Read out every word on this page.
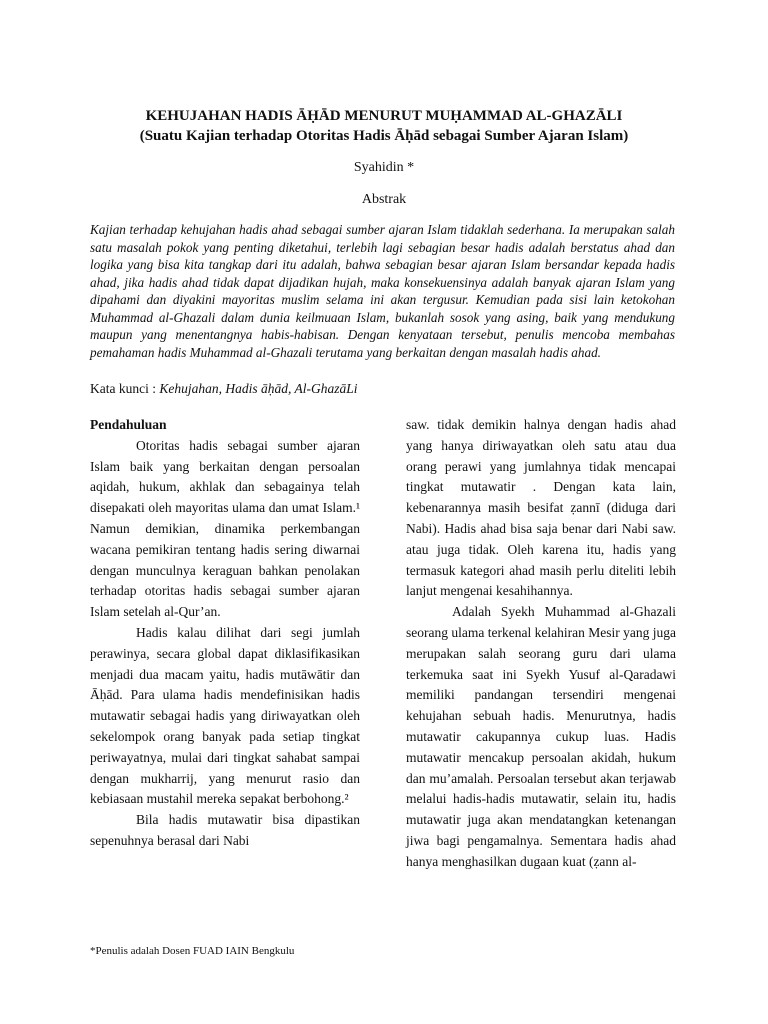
KEHUJAHAN HADIS ĀḤĀD MENURUT MUḤAMMAD AL-GHAZĀLI
(Suatu Kajian terhadap Otoritas Hadis Āḥād sebagai Sumber Ajaran Islam)
Syahidin *
Abstrak

Kajian terhadap kehujahan hadis ahad sebagai sumber ajaran Islam tidaklah sederhana. Ia merupakan salah satu masalah pokok yang penting diketahui, terlebih lagi sebagian besar hadis adalah berstatus ahad dan logika yang bisa kita tangkap dari itu adalah, bahwa sebagian besar ajaran Islam bersandar kepada hadis ahad, jika hadis ahad tidak dapat dijadikan hujah, maka konsekuensinya adalah banyak ajaran Islam yang dipahami dan diyakini mayoritas muslim selama ini akan tergusur. Kemudian pada sisi lain ketokohan Muhammad al-Ghazali dalam dunia keilmuaan Islam, bukanlah sosok yang asing, baik yang mendukung maupun yang menentangnya habis-habisan. Dengan kenyataan tersebut, penulis mencoba membahas pemahaman hadis Muhammad al-Ghazali terutama yang berkaitan dengan masalah hadis ahad.

Kata kunci : Kehujahan, Hadis āḥād, Al-GhazāLi
Pendahuluan

Otoritas hadis sebagai sumber ajaran Islam baik yang berkaitan dengan persoalan aqidah, hukum, akhlak dan sebagainya telah disepakati oleh mayoritas ulama dan umat Islam.¹ Namun demikian, dinamika perkembangan wacana pemikiran tentang hadis sering diwarnai dengan munculnya keraguan bahkan penolakan terhadap otoritas hadis sebagai sumber ajaran Islam setelah al-Qur’an.

Hadis kalau dilihat dari segi jumlah perawinya, secara global dapat diklasifikasikan menjadi dua macam yaitu, hadis mutāwātir dan Āḥād. Para ulama hadis mendefinisikan hadis mutawatir sebagai hadis yang diriwayatkan oleh sekelompok orang banyak pada setiap tingkat periwayatnya, mulai dari tingkat sahabat sampai dengan mukharrij, yang menurut rasio dan kebiasaan mustahil mereka sepakat berbohong.²

Bila hadis mutawatir bisa dipastikan sepenuhnya berasal dari Nabi

saw. tidak demikin halnya dengan hadis ahad yang hanya diriwayatkan oleh satu atau dua orang perawi yang jumlahnya tidak mencapai tingkat mutawatir . Dengan kata lain, kebenarannya masih besifat ẓannī (diduga dari Nabi). Hadis ahad bisa saja benar dari Nabi saw. atau juga tidak. Oleh karena itu, hadis yang termasuk kategori ahad masih perlu diteliti lebih lanjut mengenai kesahihannya.

Adalah Syekh Muhammad al-Ghazali seorang ulama terkenal kelahiran Mesir yang juga merupakan salah seorang guru dari ulama terkemuka saat ini Syekh Yusuf al-Qaradawi memiliki pandangan tersendiri mengenai kehujahan sebuah hadis. Menurutnya, hadis mutawatir cakupannya cukup luas. Hadis mutawatir mencakup persoalan akidah, hukum dan mu’amalah. Persoalan tersebut akan terjawab melalui hadis-hadis mutawatir, selain itu, hadis mutawatir juga akan mendatangkan ketenangan jiwa bagi pengamalnya. Sementara hadis ahad hanya menghasilkan dugaan kuat (ẓann al-

*Penulis adalah Dosen FUAD IAIN Bengkulu
